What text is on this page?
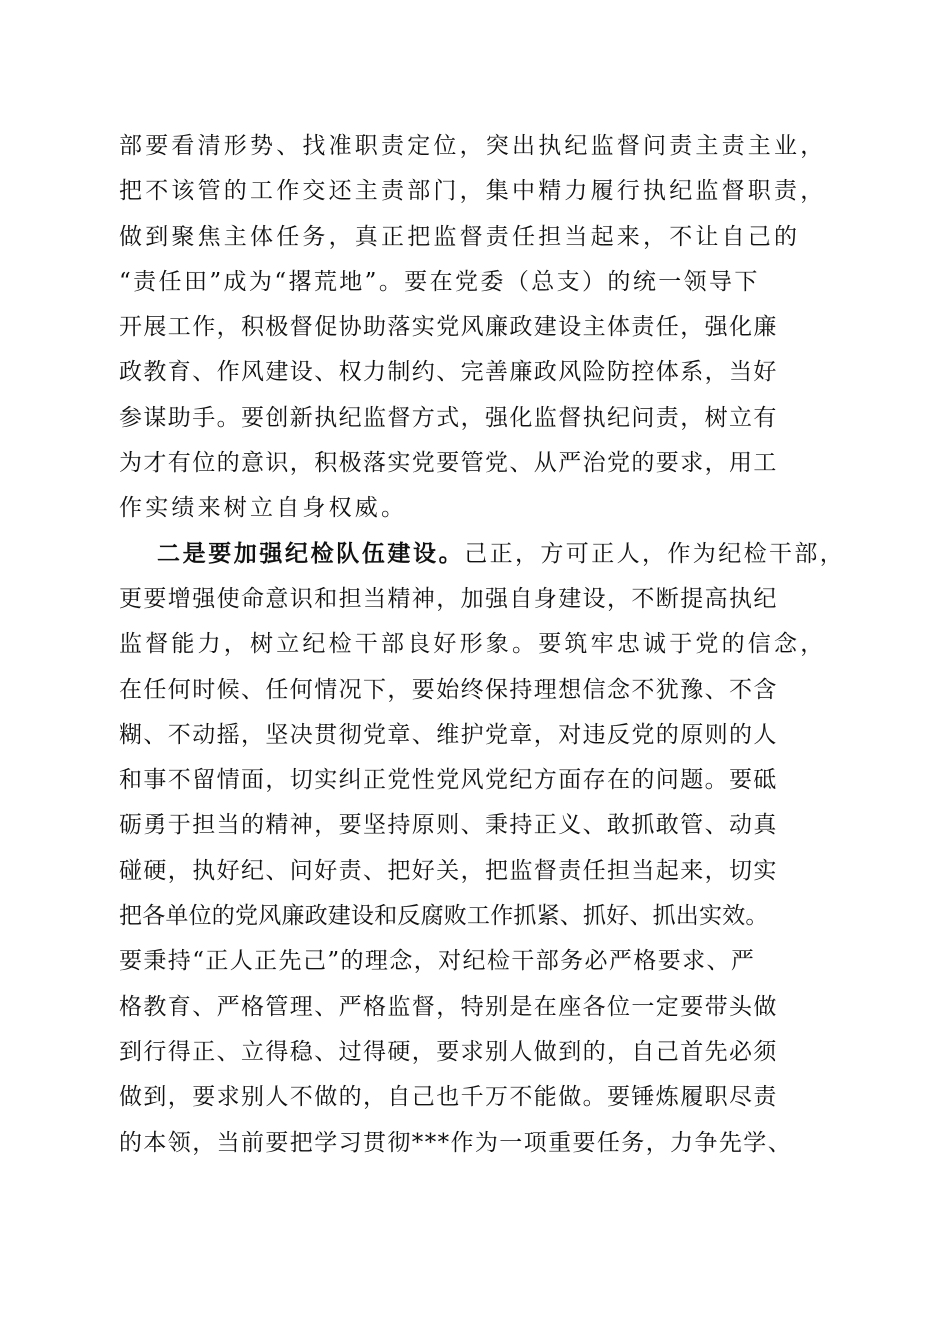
部要看清形势、找准职责定位，突出执纪监督问责主责主业，
把不该管的工作交还主责部门，集中精力履行执纪监督职责，
做到聚焦主体任务，真正把监督责任担当起来，不让自己的
“责任田”成为“撂荒地”。要在党委（总支）的统一领导下
开展工作，积极督促协助落实党风廉政建设主体责任，强化廉
政教育、作风建设、权力制约、完善廉政风险防控体系，当好
参谋助手。要创新执纪监督方式，强化监督执纪问责，树立有
为才有位的意识，积极落实党要管党、从严治党的要求，用工
作实绩来树立自身权威。
二是要加强纪检队伍建设。己正，方可正人，作为纪检干部，
更要增强使命意识和担当精神，加强自身建设，不断提高执纪
监督能力，树立纪检干部良好形象。要筑牢忠诚于党的信念，
在任何时候、任何情况下，要始终保持理想信念不犹豫、不含
糊、不动摇，坚决贯彻党章、维护党章，对违反党的原则的人
和事不留情面，切实纠正党性党风党纪方面存在的问题。要砥
砺勇于担当的精神，要坚持原则、秉持正义、敢抓敢管、动真
碰硬，执好纪、问好责、把好关，把监督责任担当起来，切实
把各单位的党风廉政建设和反腐败工作抓紧、抓好、抓出实效。
要秉持“正人正先己”的理念，对纪检干部务必严格要求、严
格教育、严格管理、严格监督，特别是在座各位一定要带头做
到行得正、立得稳、过得硬，要求别人做到的，自己首先必须
做到，要求别人不做的，自己也千万不能做。要锤炼履职尽责
的本领，当前要把学习贯彻***作为一项重要任务，力争先学、
